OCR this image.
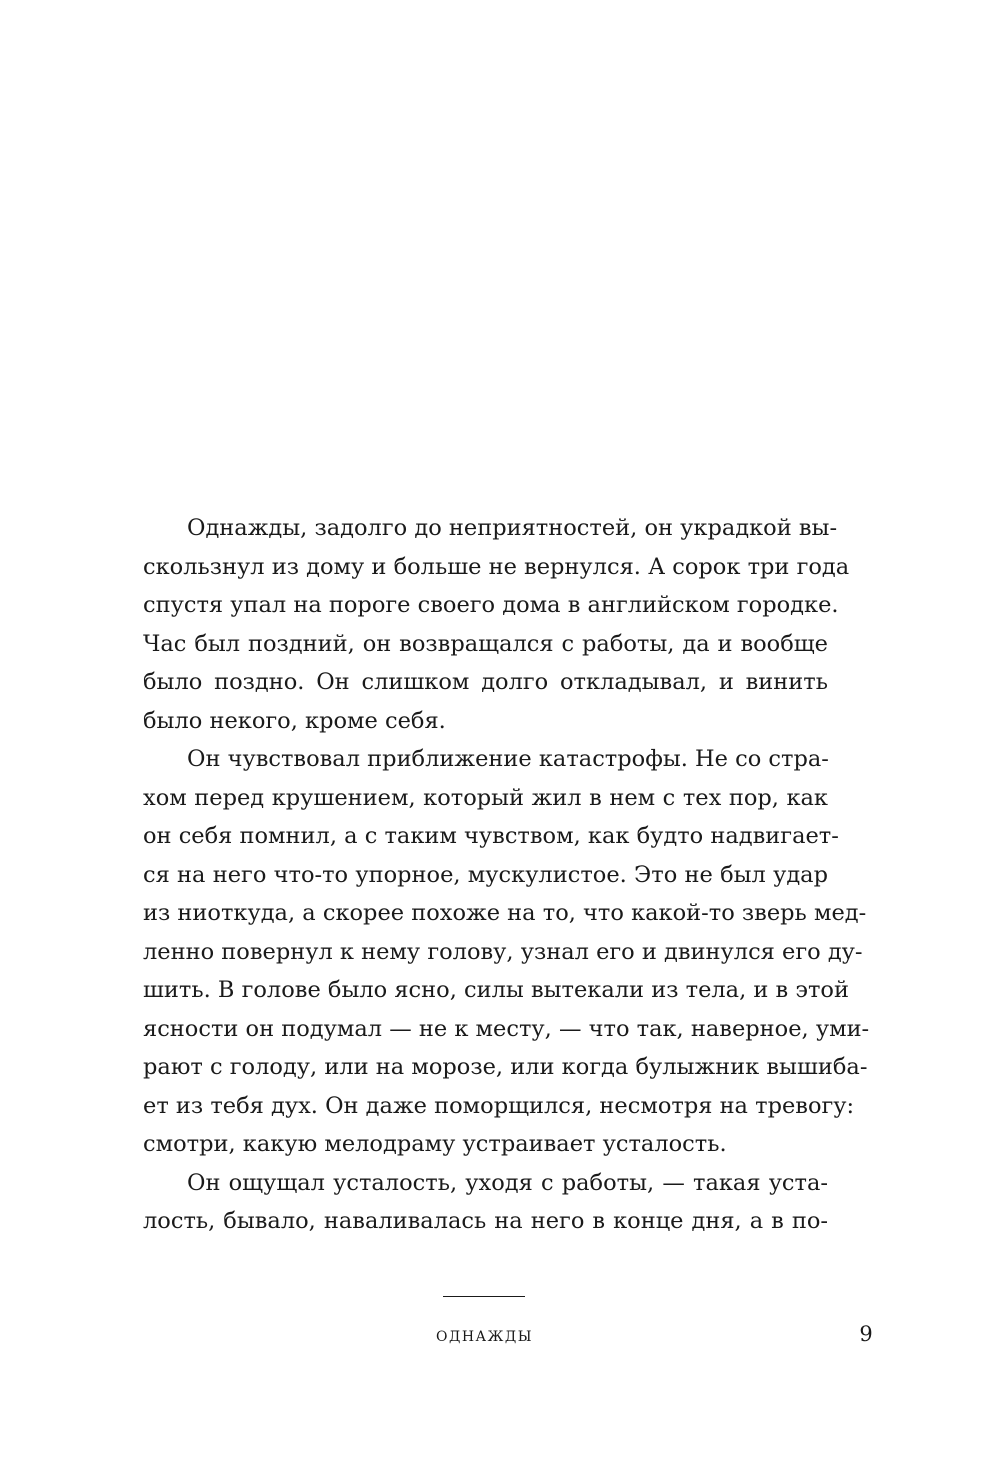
Однажды, задолго до неприятностей, он украдкой вы-
скользнул из дому и больше не вернулся. А сорок три года
спустя упал на пороге своего дома в английском городке.
Час был поздний, он возвращался с работы, да и вообще
было поздно. Он слишком долго откладывал, и винить
было некого, кроме себя.
Он чувствовал приближение катастрофы. Не со стра-
хом перед крушением, который жил в нем с тех пор, как
он себя помнил, а с таким чувством, как будто надвигает-
ся на него что-то упорное, мускулистое. Это не был удар
из ниоткуда, а скорее похоже на то, что какой-то зверь мед-
ленно повернул к нему голову, узнал его и двинулся его ду-
шить. В голове было ясно, силы вытекали из тела, и в этой
ясности он подумал — не к месту, — что так, наверное, уми-
рают с голоду, или на морозе, или когда булыжник вышиба-
ет из тебя дух. Он даже поморщился, несмотря на тревогу:
смотри, какую мелодраму устраивает усталость.
Он ощущал усталость, уходя с работы, — такая уста-
лость, бывало, наваливалась на него в конце дня, а в по-
ОДНАЖДЫ	9
